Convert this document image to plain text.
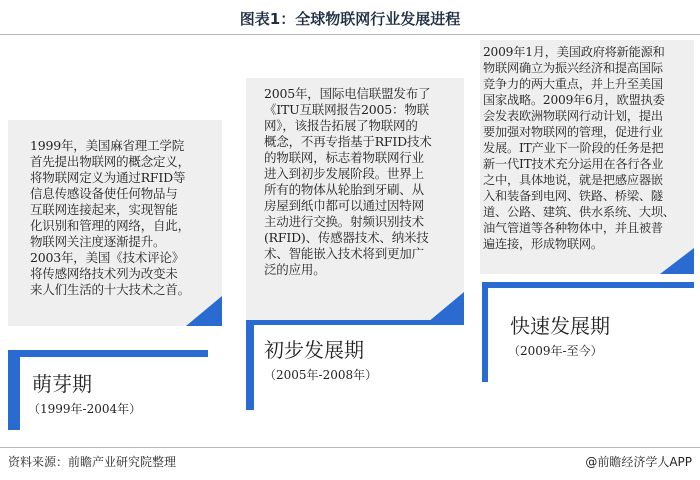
图表1：全球物联网行业发展进程
1999年，美国麻省理工学院
首先提出物联网的概念定义，
将物联网定义为通过RFID等
信息传感设备使任何物品与
互联网连接起来，实现智能
化识别和管理的网络，自此，
物联网关注度逐渐提升。
2003年，美国《技术评论》
将传感网络技术列为改变未
来人们生活的十大技术之首。
萌芽期
（1999年-2004年）
2005年，国际电信联盟发布了
《ITU互联网报告2005：物联
网》，该报告拓展了物联网的
概念，不再专指基于RFID技术
的物联网，标志着物联网行业
进入到初步发展阶段。世界上
所有的物体从轮胎到牙刷、从
房屋到纸巾都可以通过因特网
主动进行交换。射频识别技术
(RFID)、传感器技术、纳米技
术、智能嵌入技术将到更加广
泛的应用。
初步发展期
（2005年-2008年）
2009年1月，美国政府将新能源和
物联网确立为振兴经济和提高国际
竞争力的两大重点，并上升至美国
国家战略。2009年6月，欧盟执委
会发表欧洲物联网行动计划，提出
要加强对物联网的管理，促进行业
发展。IT产业下一阶段的任务是把
新一代IT技术充分运用在各行各业
之中，具体地说，就是把感应器嵌
入和装备到电网、铁路、桥梁、隧
道、公路、建筑、供水系统、大坝、
油气管道等各种物体中，并且被普
遍连接，形成物联网。
快速发展期
（2009年-至今）
资料来源：前瞻产业研究院整理	@前瞻经济学人APP
